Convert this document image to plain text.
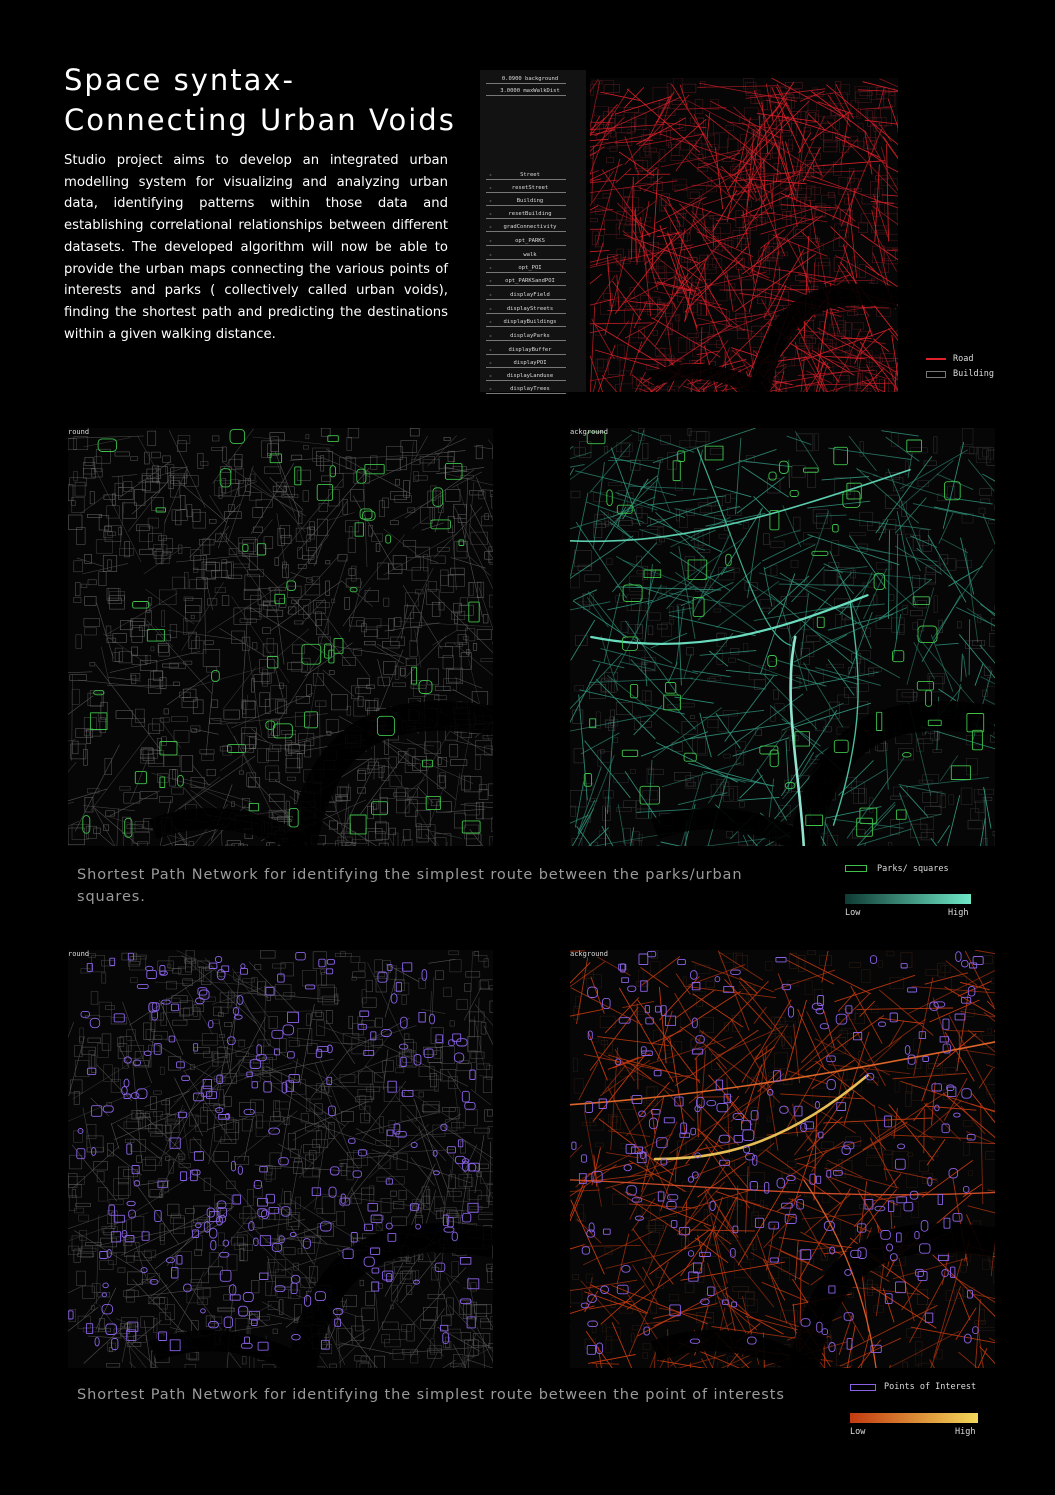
Space syntax-
Connecting Urban Voids

Studio project aims to develop an integrated urban modelling system for visualizing and analyzing urban data, identifying patterns within those data and establishing correlational relationships between different datasets. The developed algorithm will now be able to provide the urban maps connecting the various points of interests and parks ( collectively called urban voids), finding the shortest path and predicting the destinations within a given walking distance.

0.0900 background
3.0000 maxWalkDist
Street
°
resetStreet
°
Building
°
resetBuilding
°
gradConnectivity
°
opt_PARKS
°
walk
°
opt_POI
°
opt_PARKSandPOI
°
displayField
°
displayStreets
°
displayBuildings
°
displayParks
°
displayBuffer
°
displayPOI
°
displayLanduse
°
displayTrees
°
Road
Building
round	ackground

Shortest Path Network for identifying the simplest route between the parks/urban squares.

Parks/ squares
Low	High
round	ackground

Shortest Path Network for identifying the simplest route between the point of interests	Points of Interest
Low	High
